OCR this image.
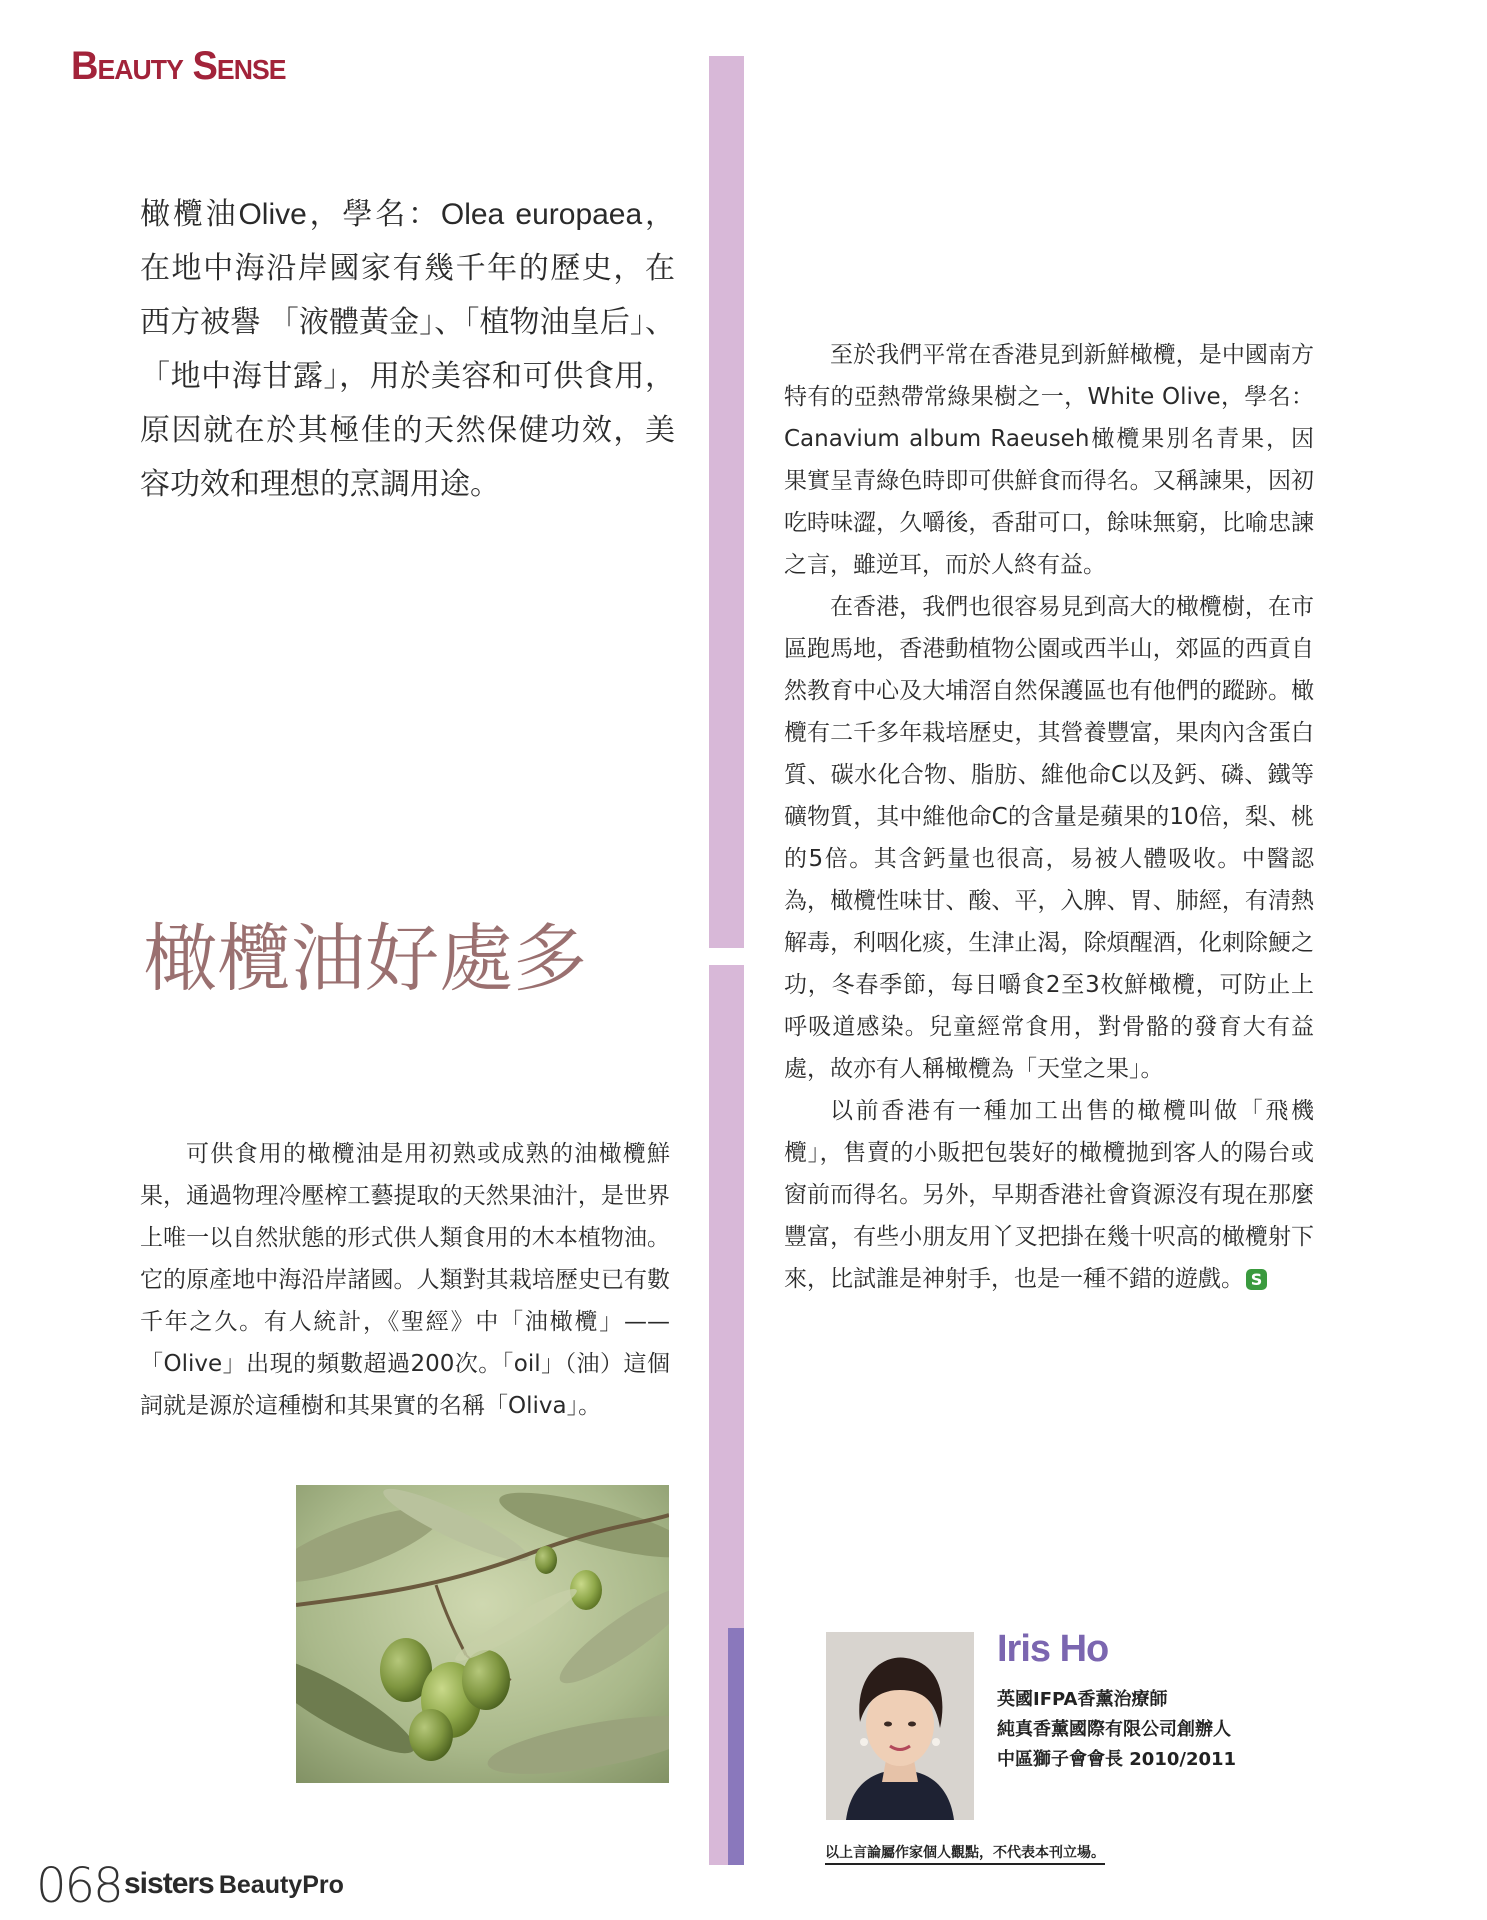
Beauty Sense
橄欖油Olive，學名：Olea europaea，在地中海沿岸國家有幾千年的歷史，在西方被譽 「液體黃金」、「植物油皇后」、「地中海甘露」，用於美容和可供食用，原因就在於其極佳的天然保健功效，美容功效和理想的烹調用途。
橄欖油好處多

可供食用的橄欖油是用初熟或成熟的油橄欖鮮果，通過物理冷壓榨工藝提取的天然果油汁，是世界上唯一以自然狀態的形式供人類食用的木本植物油。它的原產地中海沿岸諸國。人類對其栽培歷史已有數千年之久。有人統計，《聖經》中「油橄欖」——「Olive」出現的頻數超過200次。「oil」（油）這個詞就是源於這種樹和其果實的名稱「Oliva」。

至於我們平常在香港見到新鮮橄欖，是中國南方特有的亞熱帶常綠果樹之一，White Olive，學名：Canavium album Raeuseh橄欖果別名青果，因果實呈青綠色時即可供鮮食而得名。又稱諫果，因初吃時味澀，久嚼後，香甜可口，餘味無窮，比喻忠諫之言，雖逆耳，而於人終有益。

在香港，我們也很容易見到高大的橄欖樹，在市區跑馬地，香港動植物公園或西半山，郊區的西貢自然教育中心及大埔滘自然保護區也有他們的蹤跡。橄欖有二千多年栽培歷史，其營養豐富，果肉內含蛋白質、碳水化合物、脂肪、維他命C以及鈣、磷、鐵等礦物質，其中維他命C的含量是蘋果的10倍，梨、桃的5倍。其含鈣量也很高，易被人體吸收。中醫認為，橄欖性味甘、酸、平，入脾、胃、肺經，有清熱解毒，利咽化痰，生津止渴，除煩醒酒，化刺除鯁之功，冬春季節，每日嚼食2至3枚鮮橄欖，可防止上呼吸道感染。兒童經常食用，對骨骼的發育大有益處，故亦有人稱橄欖為「天堂之果」。

以前香港有一種加工出售的橄欖叫做「飛機欖」，售賣的小販把包裝好的橄欖拋到客人的陽台或窗前而得名。另外，早期香港社會資源沒有現在那麼豐富，有些小朋友用丫叉把掛在幾十呎高的橄欖射下來，比試誰是神射手，也是一種不錯的遊戲。 S

Iris Ho
英國IFPA香薰治療師
純真香薰國際有限公司創辦人
中區獅子會會長 2010/2011
以上言論屬作家個人觀點，不代表本刊立場。
068 sisters BeautyPro
